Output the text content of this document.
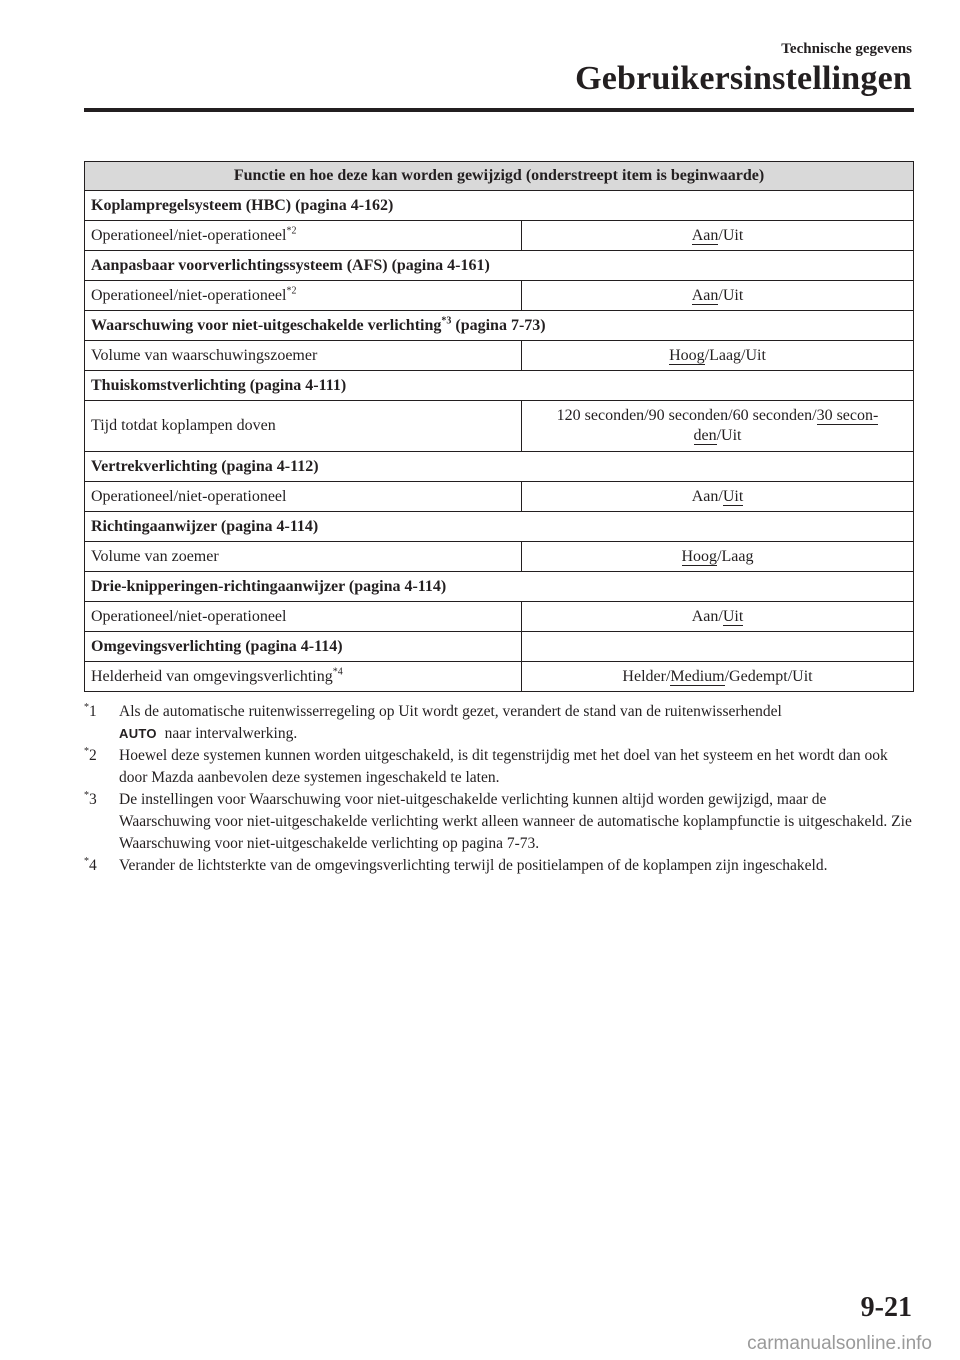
Technische gegevens
Gebruikersinstellingen
Functie en hoe deze kan worden gewijzigd (onderstreept item is beginwaarde)	
Koplampregelsysteem (HBC) (pagina 4-162)	
Operationeel/niet-operationeel$^{*2}$	Aan/Uit
Aanpasbaar voorverlichtingssysteem (AFS) (pagina 4-161)	
Operationeel/niet-operationeel$^{*2}$	Aan/Uit
Waarschuwing voor niet-uitgeschakelde verlichting$^{*3}$ (pagina 7-73)	
Volume van waarschuwingszoemer	Hoog/Laag/Uit
Thuiskomstverlichting (pagina 4-111)	
Tijd totdat koplampen doven	120 seconden/90 seconden/60 seconden/30 secon-
den/Uit
Vertrekverlichting (pagina 4-112)	
Operationeel/niet-operationeel	Aan/Uit
Richtingaanwijzer (pagina 4-114)	
Volume van zoemer	Hoog/Laag
Drie-knipperingen-richtingaanwijzer (pagina 4-114)	
Operationeel/niet-operationeel	Aan/Uit
Omgevingsverlichting (pagina 4-114)	
Helderheid van omgevingsverlichting$^{*4}$	Helder/Medium/Gedempt/Uit

*1 Als de automatische ruitenwisserregeling op Uit wordt gezet, verandert de stand van de ruitenwisserhendel
AUTO naar intervalwerking.

*2 Hoewel deze systemen kunnen worden uitgeschakeld, is dit tegenstrijdig met het doel van het systeem en het wordt dan ook door Mazda aanbevolen deze systemen ingeschakeld te laten.

*3 De instellingen voor Waarschuwing voor niet-uitgeschakelde verlichting kunnen altijd worden gewijzigd, maar de Waarschuwing voor niet-uitgeschakelde verlichting werkt alleen wanneer de automatische koplampfunctie is uitgeschakeld. Zie Waarschuwing voor niet-uitgeschakelde verlichting op pagina 7-73.

*4 Verander de lichtsterkte van de omgevingsverlichting terwijl de positielampen of de koplampen zijn ingeschakeld.

9-21
carmanualsonline.info
